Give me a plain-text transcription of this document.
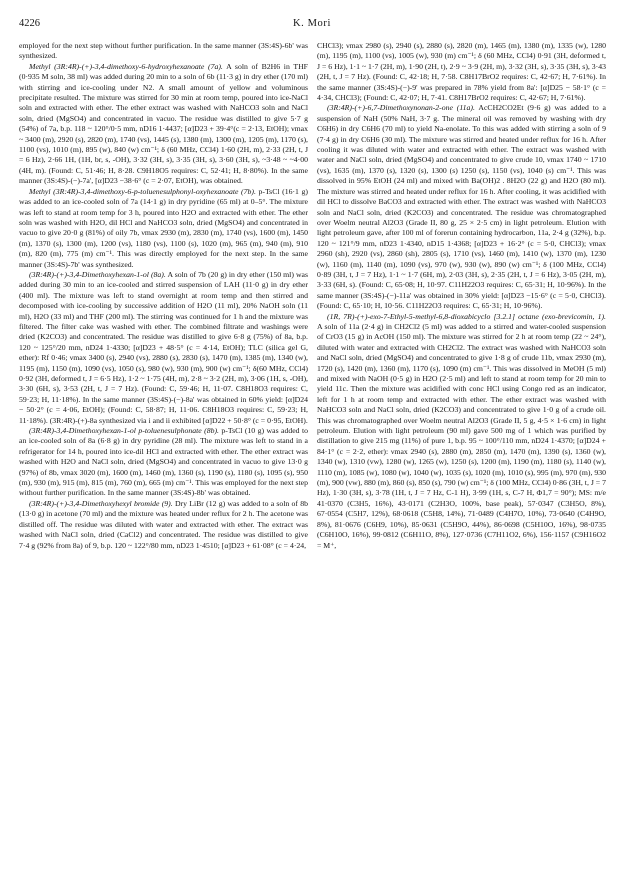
4226	K. Mori

employed for the next step without further purification. In the same manner (3S:4S)-6b' was synthesized.

Methyl (3R:4R)-(+)-3,4-dimethoxy-6-hydroxyhexanoate (7a). A soln of B2H6 in THF (0·935 M soln, 38 ml) was added during 20 min to a soln of 6b (11·3 g) in dry ether (170 ml) with stirring and ice-cooling under N2. A small amount of yellow and voluminous precipitate resulted. The mixture was stirred for 30 min at room temp, poured into ice-NaCl soln and extracted with ether. The ether extract was washed with NaHCO3 soln and NaCl soln, dried (MgSO4) and concentrated in vacuo. The residue was distilled to give 5·7 g (54%) of 7a, b.p. 118 ~ 120°/0·5 mm, nD16 1·4437; [α]D23 + 39·4°(c = 2·13, EtOH); νmax ~ 3400 (m), 2920 (s), 2820 (m), 1740 (vs), 1445 (s), 1380 (m), 1300 (m), 1205 (m), 1170 (s), 1100 (vs), 1010 (m), 895 (w), 840 (w) cm⁻¹; δ (60 MHz, CCl4) 1·60 (2H, m), 2·33 (2H, t, J = 6 Hz), 2·66 1H, (1H, br, s, -OH), 3·32 (3H, s), 3·35 (3H, s), 3·60 (3H, s), ~3·48 ~ ~4·00 (4H, m). (Found: C, 51·46; H, 8·28. C9H18O5 requires: C, 52·41; H, 8·80%). In the same manner (3S:4S)-(−)-7a', [α]D23 −38·6° (c = 2·07, EtOH), was obtained.

Methyl (3R:4R)-3,4-dimethoxy-6-p-toluenesulphonyl-oxyhexanoate (7b). p-TsCl (16·1 g) was added to an ice-cooled soln of 7a (14·1 g) in dry pyridine (65 ml) at 0–5°. The mixture was left to stand at room temp for 3 h, poured into H2O and extracted with ether. The ether soln was washed with H2O, dil HCl and NaHCO3 soln, dried (MgSO4) and concentrated in vacuo to give 20·0 g (81%) of oily 7b, νmax 2930 (m), 2830 (m), 1740 (vs), 1600 (m), 1450 (m), 1370 (s), 1300 (m), 1200 (vs), 1180 (vs), 1100 (s), 1020 (m), 965 (m), 940 (m), 910 (m), 820 (m), 775 (m) cm⁻¹. This was directly employed for the next step. In the same manner (3S:4S)-7b' was synthesized.

(3R:4R)-(+)-3,4-Dimethoxyhexan-1-ol (8a). A soln of 7b (20 g) in dry ether (150 ml) was added during 30 min to an ice-cooled and stirred suspension of LAH (11·0 g) in dry ether (400 ml). The mixture was left to stand overnight at room temp and then stirred and decomposed with ice-cooling by successive addition of H2O (11 ml), 20% NaOH soln (11 ml), H2O (33 ml) and THF (200 ml). The stirring was continued for 1 h and the mixture was filtered. The filter cake was washed with ether. The combined filtrate and washings were dried (K2CO3) and concentrated. The residue was distilled to give 6·8 g (75%) of 8a, b.p. 120 ~ 125°/20 mm, nD24 1·4330; [α]D23 + 48·5° (c = 4·14, EtOH); TLC (silica gel G, ether): Rf 0·46; νmax 3400 (s), 2940 (vs), 2880 (s), 2830 (s), 1470 (m), 1385 (m), 1340 (w), 1195 (m), 1150 (m), 1090 (vs), 1050 (s), 980 (w), 930 (m), 900 (w) cm⁻¹; δ(60 MHz, CCl4) 0·92 (3H, deformed t, J = 6·5 Hz), 1·2 ~ 1·75 (4H, m), 2·8 ~ 3·2 (2H, m), 3·06 (1H, s, -OH), 3·30 (6H, s), 3·53 (2H, t, J = 7 Hz). (Found: C, 59·46; H, 11·07. C8H18O3 requires: C, 59·23; H, 11·18%). In the same manner (3S:4S)-(−)-8a' was obtained in 60% yield: [α]D24 − 50·2° (c = 4·06, EtOH); (Found: C, 58·87; H, 11·06. C8H18O3 requires: C, 59·23; H, 11·18%). (3R:4R)-(+)-8a synthesized via i and ii exhibited [α]D22 + 50·8° (c = 0·95, EtOH).

(3R:4R)-3,4-Dimethoxyhexan-1-ol p-toluenesulphonate (8b). p-TsCl (10 g) was added to an ice-cooled soln of 8a (6·8 g) in dry pyridine (28 ml). The mixture was left to stand in a refrigerator for 14 h, poured into ice-dil HCl and extracted with ether. The ether extract was washed with H2O and NaCl soln, dried (MgSO4) and concentrated in vacuo to give 13·0 g (97%) of 8b, νmax 3020 (m), 1600 (m), 1460 (m), 1360 (s), 1190 (s), 1180 (s), 1095 (s), 950 (m), 930 (m), 915 (m), 815 (m), 760 (m), 665 (m) cm⁻¹. This was employed for the next step without further purification. In the same manner (3S:4S)-8b' was obtained.

(3R:4R)-(+)-3,4-Dimethoxyhexyl bromide (9). Dry LiBr (12 g) was added to a soln of 8b (13·0 g) in acetone (70 ml) and the mixture was heated under reflux for 2 h. The acetone was distilled off. The residue was diluted with water and extracted with ether. The extract was washed with NaCl soln, dried (CaCl2) and concentrated. The residue was distilled to give 7·4 g (92% from 8a) of 9, b.p. 120 ~ 122°/80 mm, nD23 1·4510; [α]D23 + 61·08° (c = 4·24,

CHCl3); νmax 2980 (s), 2940 (s), 2880 (s), 2820 (m), 1465 (m), 1380 (m), 1335 (w), 1280 (m), 1195 (m), 1100 (vs), 1005 (w), 930 (m) cm⁻¹; δ (60 MHz, CCl4) 0·91 (3H, deformed t, J = 6 Hz), 1·1 ~ 1·7 (2H, m), 1·90 (2H, t), 2·9 ~ 3·9 (2H, m), 3·32 (3H, s), 3·35 (3H, s), 3·43 (2H, t, J = 7 Hz). (Found: C, 42·18; H, 7·58. C8H17BrO2 requires: C, 42·67; H, 7·61%). In the same manner (3S:4S)-(−)-9' was prepared in 78% yield from 8a': [α]D25 − 58·1° (c = 4·34, CHCl3); (Found: C, 42·07; H, 7·41. C8H17BrO2 requires: C, 42·67; H, 7·61%).

(3R:4R)-(+)-6,7-Dimethoxynonan-2-one (11a). AcCH2CO2Et (9·6 g) was added to a suspension of NaH (50% NaH, 3·7 g. The mineral oil was removed by washing with dry C6H6) in dry C6H6 (70 ml) to yield Na-enolate. To this was added with stirring a soln of 9 (7·4 g) in dry C6H6 (30 ml). The mixture was stirred and heated under reflux for 16 h. After cooling it was diluted with water and extracted with ether. The extract was washed with water and NaCl soln, dried (MgSO4) and concentrated to give crude 10, νmax 1740 ~ 1710 (vs), 1635 (m), 1370 (s), 1320 (s), 1300 (s) 1250 (s), 1150 (vs), 1040 (s) cm⁻¹. This was dissolved in 95% EtOH (24 ml) and mixed with Ba(OH)2 . 8H2O (22 g) and H2O (80 ml). The mixture was stirred and heated under reflux for 16 h. After cooling, it was acidified with dil HCl to dissolve BaCO3 and extracted with ether. The extract was washed with NaHCO3 soln and NaCl soln, dried (K2CO3) and concentrated. The residue was chromatographed over Woelm neutral Al2O3 (Grade II, 80 g, 25 × 2·5 cm) in light petroleum. Elution with light petroleum gave, after 100 ml of forerun containing hydrocarbon, 11a, 2·4 g (32%), b.p. 120 ~ 121°/9 mm, nD23 1·4340, nD15 1·4368; [α]D23 + 16·2° (c = 5·0, CHCl3); νmax 2960 (sh), 2920 (vs), 2860 (sh), 2805 (s), 1710 (vs), 1460 (m), 1410 (w), 1370 (m), 1230 (w), 1160 (m), 1140 (m), 1090 (vs), 970 (w), 930 (w), 890 (w) cm⁻¹; δ (100 MHz, CCl4) 0·89 (3H, t, J = 7 Hz), 1·1 ~ 1·7 (6H, m), 2·03 (3H, s), 2·35 (2H, t, J = 6 Hz), 3·05 (2H, m), 3·33 (6H, s). (Found: C, 65·08; H, 10·97. C11H22O3 requires: C, 65·31; H, 10·96%). In the same manner (3S:4S)-(−)-11a' was obtained in 30% yield: [α]D23 −15·6° (c = 5·0, CHCl3). (Found: C, 65·10; H, 10·56. C11H22O3 requires: C, 65·31; H, 10·96%).

(1R, 7R)-(+)-exo-7-Ethyl-5-methyl-6,8-dioxabicyclo [3.2.1] octane (exo-brevicomin, 1). A soln of 11a (2·4 g) in CH2Cl2 (5 ml) was added to a stirred and water-cooled suspension of CrO3 (15 g) in AcOH (150 ml). The mixture was stirred for 2 h at room temp (22 ~ 24°), diluted with water and extracted with CH2Cl2. The extract was washed with NaHCO3 soln and NaCl soln, dried (MgSO4) and concentrated to give 1·8 g of crude 11b, νmax 2930 (m), 1720 (s), 1420 (m), 1360 (m), 1170 (s), 1090 (m) cm⁻¹. This was dissolved in MeOH (5 ml) and mixed with NaOH (0·5 g) in H2O (2·5 ml) and left to stand at room temp for 20 min to yield 11c. Then the mixture was acidified with conc HCl using Congo red as an indicator, left for 1 h at room temp and extracted with ether. The ether extract was washed with NaHCO3 soln and NaCl soln, dried (K2CO3) and concentrated to give 1·0 g of a crude oil. This was chromatographed over Woelm neutral Al2O3 (Grade II, 5 g, 4·5 × 1·6 cm) in light petroleum. Elution with light petroleum (90 ml) gave 500 mg of 1 which was purified by distillation to give 215 mg (11%) of pure 1, b.p. 95 ~ 100°/110 mm, nD24 1·4370; [α]D24 + 84·1° (c = 2·2, ether): νmax 2940 (s), 2880 (m), 2850 (m), 1470 (m), 1390 (s), 1360 (w), 1340 (w), 1310 (vw), 1280 (w), 1265 (w), 1250 (s), 1200 (m), 1190 (m), 1180 (s), 1140 (w), 1110 (m), 1085 (w), 1080 (w), 1040 (w), 1035 (s), 1020 (m), 1010 (s), 995 (m), 970 (m), 930 (m), 900 (vw), 880 (m), 860 (s), 850 (s), 790 (w) cm⁻¹; δ (100 MHz, CCl4) 0·86 (3H, t, J = 7 Hz), 1·30 (3H, s), 3·78 (1H, t, J = 7 Hz, C-1 H), 3·99 (1H, s, C-7 H, Φ1,7 = 90°); MS: m/e 41·0370 (C3H5, 16%), 43·0171 (C2H3O, 100%, base peak), 57·0347 (C3H5O, 8%), 67·0554 (C5H7, 12%), 68·0618 (C5H8, 14%), 71·0489 (C4H7O, 10%), 73·0640 (C4H9O, 8%), 81·0676 (C6H9, 10%), 85·0631 (C5H9O, 44%), 86·0698 (C5H10O, 16%), 98·0735 (C6H10O, 16%), 99·0812 (C6H11O, 8%), 127·0736 (C7H11O2, 6%), 156·1157 (C9H16O2 = M⁺,
